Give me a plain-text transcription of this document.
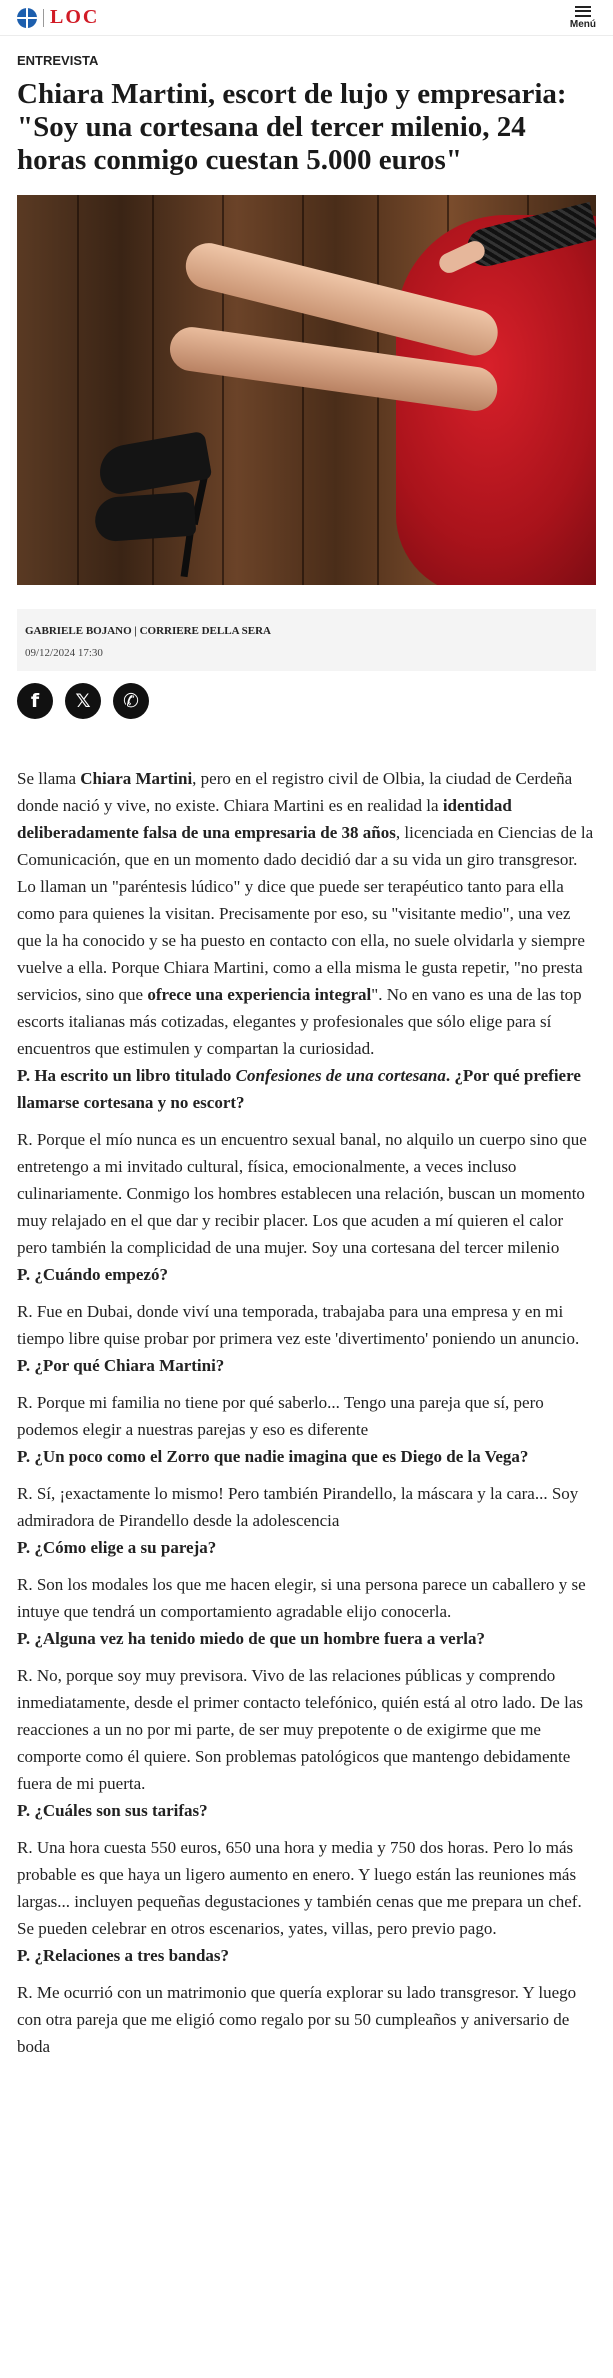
LOC	Menú
ENTREVISTA
Chiara Martini, escort de lujo y empresaria: "Soy una cortesana del tercer milenio, 24 horas conmigo cuestan 5.000 euros"
GABRIELE BOJANO | CORRIERE DELLA SERA
09/12/2024 17:30
f 𝕏 ✆

Se llama Chiara Martini, pero en el registro civil de Olbia, la ciudad de Cerdeña donde nació y vive, no existe. Chiara Martini es en realidad la identidad deliberadamente falsa de una empresaria de 38 años, licenciada en Ciencias de la Comunicación, que en un momento dado decidió dar a su vida un giro transgresor. Lo llaman un "paréntesis lúdico" y dice que puede ser terapéutico tanto para ella como para quienes la visitan. Precisamente por eso, su "visitante medio", una vez que la ha conocido y se ha puesto en contacto con ella, no suele olvidarla y siempre vuelve a ella. Porque Chiara Martini, como a ella misma le gusta repetir, "no presta servicios, sino que ofrece una experiencia integral". No en vano es una de las top escorts italianas más cotizadas, elegantes y profesionales que sólo elige para sí encuentros que estimulen y compartan la curiosidad.

P. Ha escrito un libro titulado Confesiones de una cortesana. ¿Por qué prefiere llamarse cortesana y no escort?

R. Porque el mío nunca es un encuentro sexual banal, no alquilo un cuerpo sino que entretengo a mi invitado cultural, física, emocionalmente, a veces incluso culinariamente. Conmigo los hombres establecen una relación, buscan un momento muy relajado en el que dar y recibir placer. Los que acuden a mí quieren el calor pero también la complicidad de una mujer. Soy una cortesana del tercer milenio

P. ¿Cuándo empezó?

R. Fue en Dubai, donde viví una temporada, trabajaba para una empresa y en mi tiempo libre quise probar por primera vez este 'divertimento' poniendo un anuncio.

P. ¿Por qué Chiara Martini?

R. Porque mi familia no tiene por qué saberlo... Tengo una pareja que sí, pero podemos elegir a nuestras parejas y eso es diferente

P. ¿Un poco como el Zorro que nadie imagina que es Diego de la Vega?

R. Sí, ¡exactamente lo mismo! Pero también Pirandello, la máscara y la cara... Soy admiradora de Pirandello desde la adolescencia

P. ¿Cómo elige a su pareja?

R. Son los modales los que me hacen elegir, si una persona parece un caballero y se intuye que tendrá un comportamiento agradable elijo conocerla.

P. ¿Alguna vez ha tenido miedo de que un hombre fuera a verla?

R. No, porque soy muy previsora. Vivo de las relaciones públicas y comprendo inmediatamente, desde el primer contacto telefónico, quién está al otro lado. De las reacciones a un no por mi parte, de ser muy prepotente o de exigirme que me comporte como él quiere. Son problemas patológicos que mantengo debidamente fuera de mi puerta.

P. ¿Cuáles son sus tarifas?

R. Una hora cuesta 550 euros, 650 una hora y media y 750 dos horas. Pero lo más probable es que haya un ligero aumento en enero. Y luego están las reuniones más largas... incluyen pequeñas degustaciones y también cenas que me prepara un chef. Se pueden celebrar en otros escenarios, yates, villas, pero previo pago.

P. ¿Relaciones a tres bandas?

R. Me ocurrió con un matrimonio que quería explorar su lado transgresor. Y luego con otra pareja que me eligió como regalo por su 50 cumpleaños y aniversario de boda
